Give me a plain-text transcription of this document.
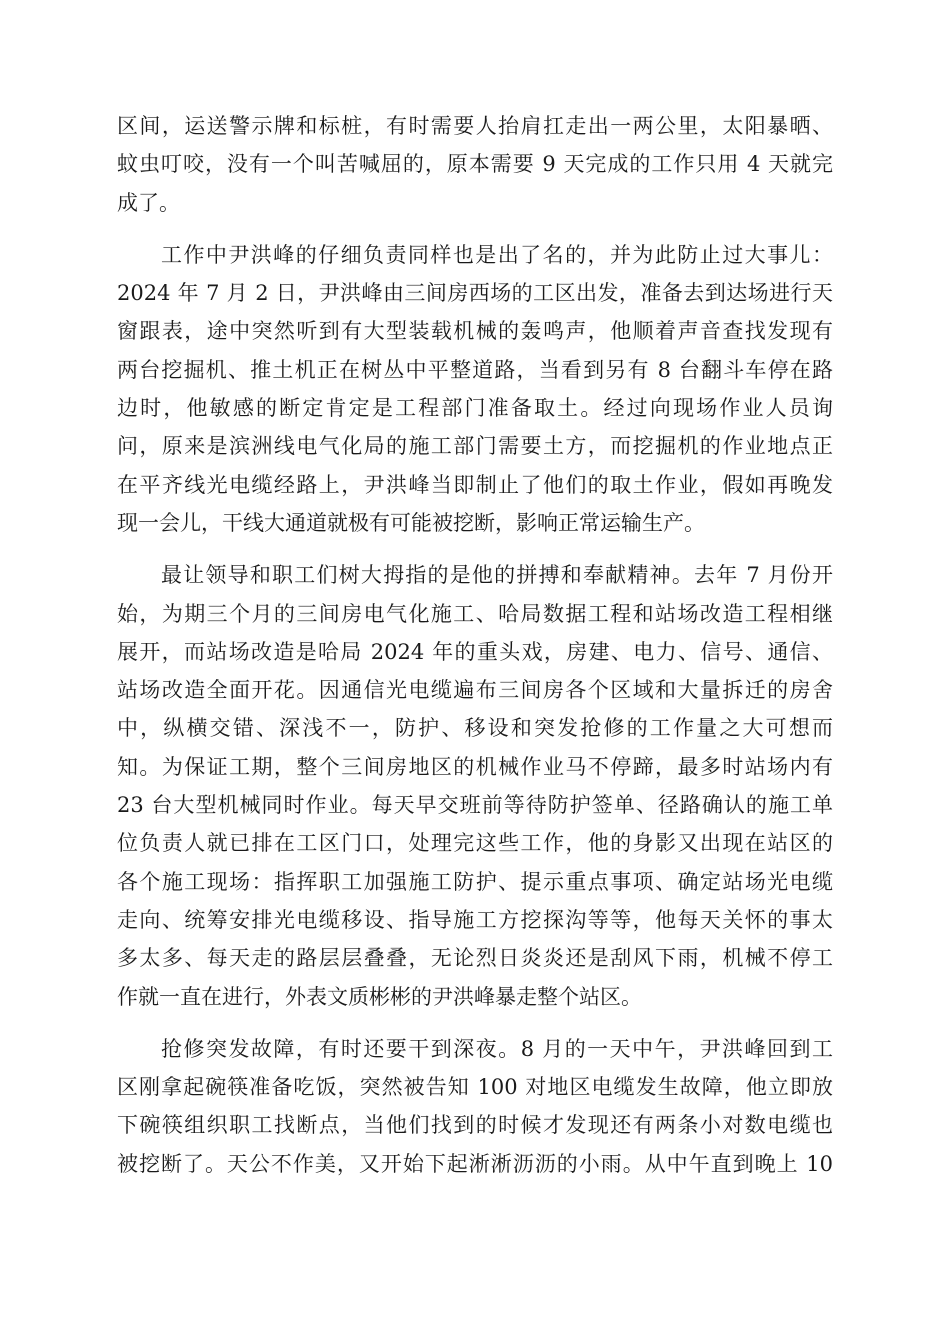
区间，运送警示牌和标桩，有时需要人抬肩扛走出一两公里，太阳暴晒、
蚊虫叮咬，没有一个叫苦喊屈的，原本需要 9 天完成的工作只用 4 天就完
成了。
工作中尹洪峰的仔细负责同样也是出了名的，并为此防止过大事儿：
2024 年 7 月 2 日，尹洪峰由三间房西场的工区出发，准备去到达场进行天
窗跟表，途中突然听到有大型装载机械的轰鸣声，他顺着声音查找发现有
两台挖掘机、推土机正在树丛中平整道路，当看到另有 8 台翻斗车停在路
边时，他敏感的断定肯定是工程部门准备取土。经过向现场作业人员询
问，原来是滨洲线电气化局的施工部门需要土方，而挖掘机的作业地点正
在平齐线光电缆经路上，尹洪峰当即制止了他们的取土作业，假如再晚发
现一会儿，干线大通道就极有可能被挖断，影响正常运输生产。
最让领导和职工们树大拇指的是他的拼搏和奉献精神。去年 7 月份开
始，为期三个月的三间房电气化施工、哈局数据工程和站场改造工程相继
展开，而站场改造是哈局 2024 年的重头戏，房建、电力、信号、通信、
站场改造全面开花。因通信光电缆遍布三间房各个区域和大量拆迁的房舍
中，纵横交错、深浅不一，防护、移设和突发抢修的工作量之大可想而
知。为保证工期，整个三间房地区的机械作业马不停蹄，最多时站场内有
23 台大型机械同时作业。每天早交班前等待防护签单、径路确认的施工单
位负责人就已排在工区门口，处理完这些工作，他的身影又出现在站区的
各个施工现场：指挥职工加强施工防护、提示重点事项、确定站场光电缆
走向、统筹安排光电缆移设、指导施工方挖探沟等等，他每天关怀的事太
多太多、每天走的路层层叠叠，无论烈日炎炎还是刮风下雨，机械不停工
作就一直在进行，外表文质彬彬的尹洪峰暴走整个站区。
抢修突发故障，有时还要干到深夜。8 月的一天中午，尹洪峰回到工
区刚拿起碗筷准备吃饭，突然被告知 100 对地区电缆发生故障，他立即放
下碗筷组织职工找断点，当他们找到的时候才发现还有两条小对数电缆也
被挖断了。天公不作美，又开始下起淅淅沥沥的小雨。从中午直到晚上 10
